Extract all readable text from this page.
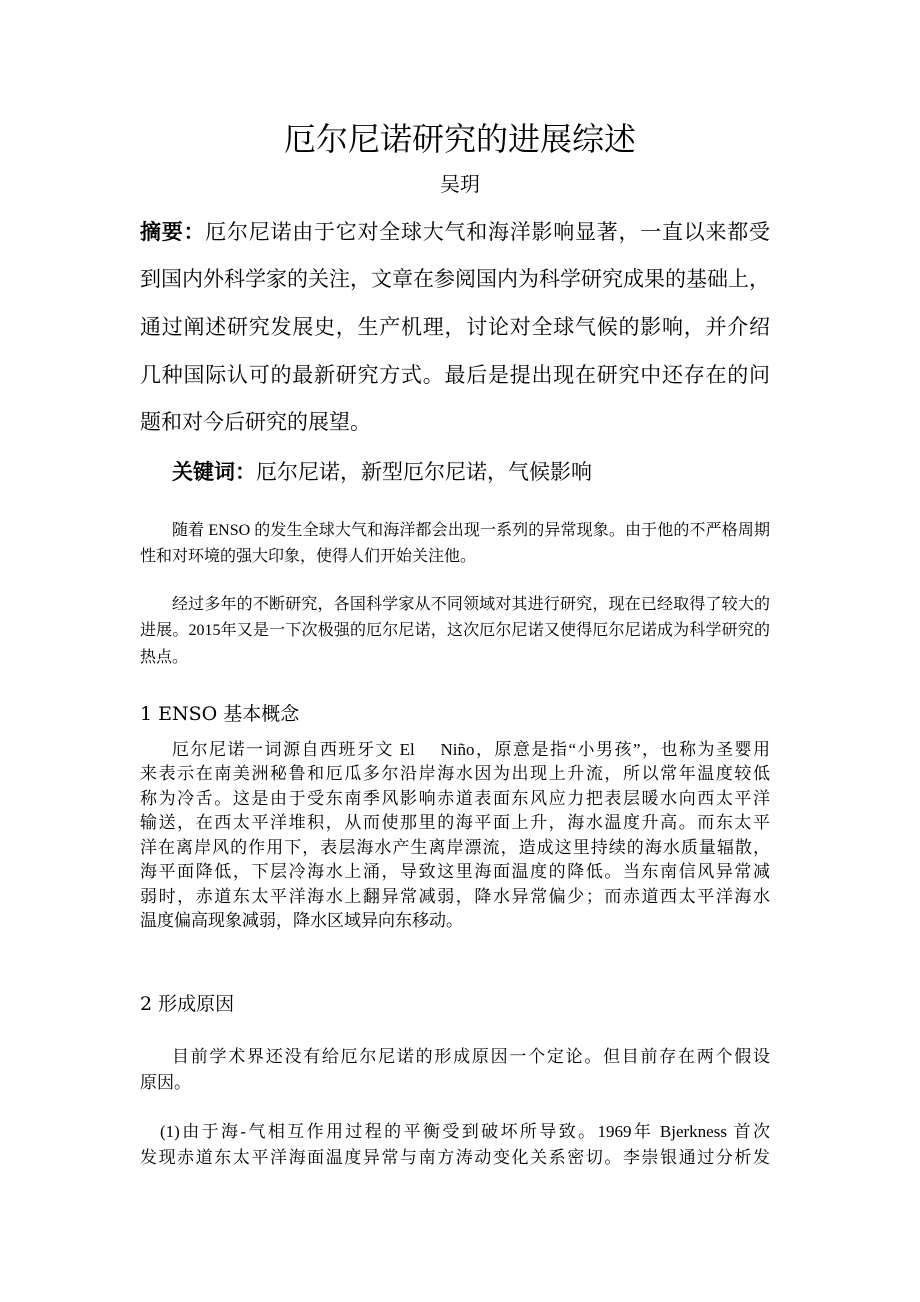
厄尔尼诺研究的进展综述
吴玥
摘要：厄尔尼诺由于它对全球大气和海洋影响显著，一直以来都受
到国内外科学家的关注，文章在参阅国内为科学研究成果的基础上，
通过阐述研究发展史，生产机理，讨论对全球气候的影响，并介绍
几种国际认可的最新研究方式。最后是提出现在研究中还存在的问
题和对今后研究的展望。
关键词：厄尔尼诺，新型厄尔尼诺，气候影响
随着 ENSO 的发生全球大气和海洋都会出现一系列的异常现象。由于他的不严格周期
性和对环境的强大印象，使得人们开始关注他。
经过多年的不断研究，各国科学家从不同领域对其进行研究，现在已经取得了较大的
进展。2015年又是一下次极强的厄尔尼诺，这次厄尔尼诺又使得厄尔尼诺成为科学研究的
热点。
1 ENSO 基本概念
厄尔尼诺一词源自西班牙文 El　 Niño，原意是指“小男孩”，也称为圣婴用
来表示在南美洲秘鲁和厄瓜多尔沿岸海水因为出现上升流，所以常年温度较低
称为冷舌。这是由于受东南季风影响赤道表面东风应力把表层暖水向西太平洋
输送，在西太平洋堆积，从而使那里的海平面上升，海水温度升高。而东太平
洋在离岸风的作用下，表层海水产生离岸漂流，造成这里持续的海水质量辐散，
海平面降低，下层冷海水上涌，导致这里海面温度的降低。当东南信风异常减
弱时，赤道东太平洋海水上翻异常减弱，降水异常偏少；而赤道西太平洋海水
温度偏高现象减弱，降水区域异向东移动。
2 形成原因
目前学术界还没有给厄尔尼诺的形成原因一个定论。但目前存在两个假设
原因。
(1)由于海-气相互作用过程的平衡受到破坏所导致。1969年 Bjerkness 首次
发现赤道东太平洋海面温度异常与南方涛动变化关系密切。李崇银通过分析发
